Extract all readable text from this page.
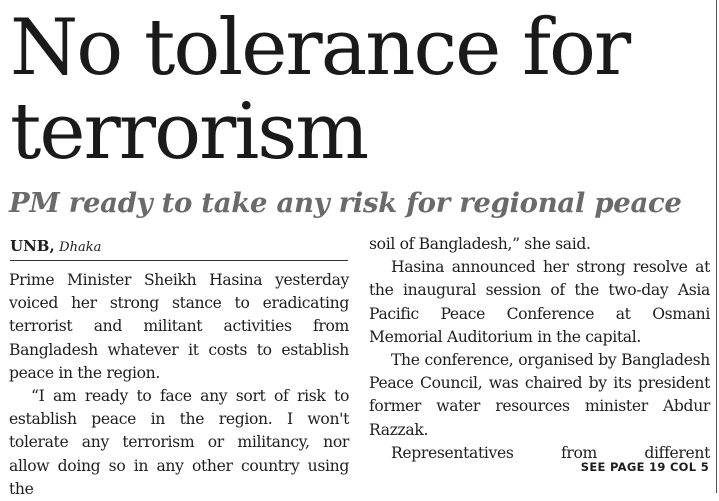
No tolerance for
terrorism
PM ready to take any risk for regional peace
UNB, Dhaka

Prime Minister Sheikh Hasina yesterday voiced her strong stance to eradicating terrorist and militant activities from Bangladesh whatever it costs to establish peace in the region.

“I am ready to face any sort of risk to establish peace in the region. I won't tolerate any terrorism or militancy, nor allow doing so in any other country using the

soil of Bangladesh,” she said.

Hasina announced her strong resolve at the inaugural session of the two-day Asia Pacific Peace Conference at Osmani Memorial Auditorium in the capital.

The conference, organised by Bangladesh Peace Council, was chaired by its president former water resources minister Abdur Razzak.

Representatives from different

SEE PAGE 19 COL 5
